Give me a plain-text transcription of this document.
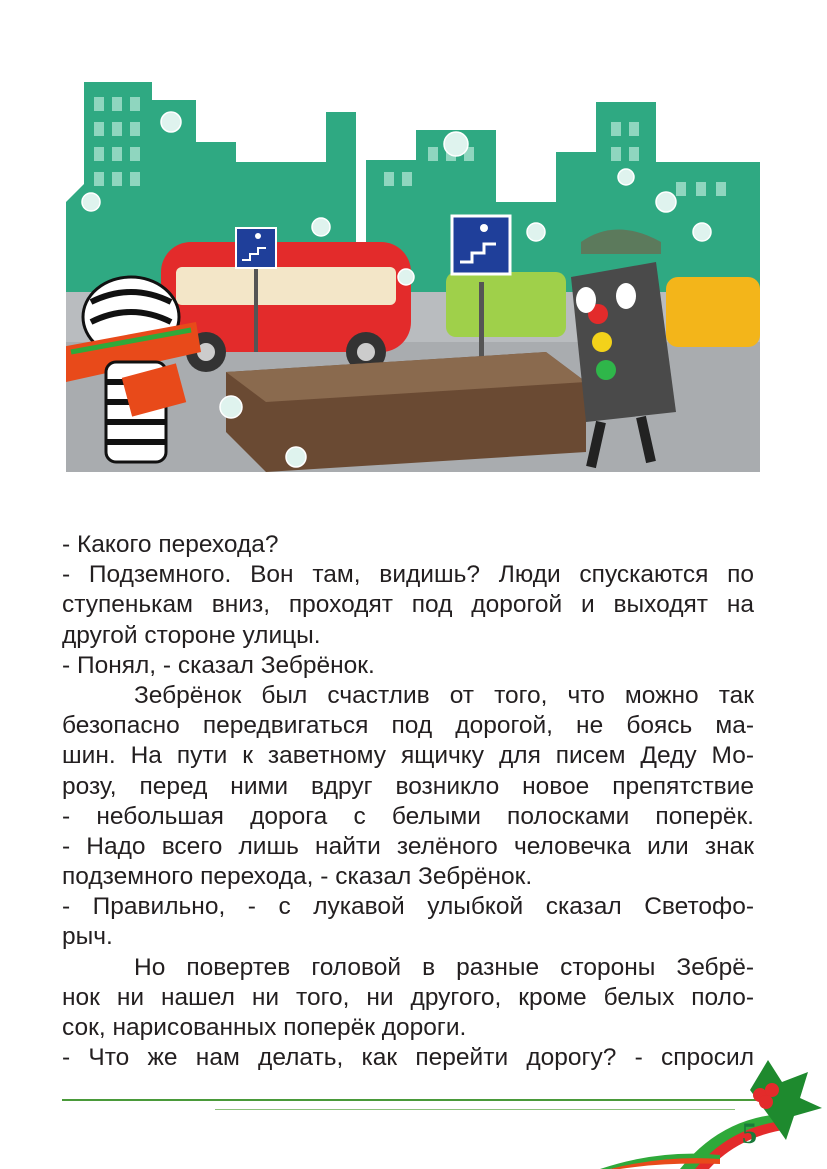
- Какого перехода?
- Подземного. Вон там, видишь? Люди спускаются по
ступенькам вниз, проходят под дорогой и выходят на
другой стороне улицы.
- Понял, - сказал Зебрёнок.
Зебрёнок был счастлив от того, что можно так
безопасно передвигаться под дорогой, не боясь ма-
шин. На пути к заветному ящичку для писем Деду Мо-
розу, перед ними вдруг возникло новое препятствие
- небольшая дорога с белыми полосками поперёк.
- Надо всего лишь найти зелёного человечка или знак
подземного перехода, - сказал Зебрёнок.
- Правильно, - с лукавой улыбкой сказал Светофо-
рыч.
Но повертев головой в разные стороны Зебрё-
нок ни нашел ни того, ни другого, кроме белых поло-
сок, нарисованных поперёк дороги.
- Что же нам делать, как перейти дорогу? - спросил
5
